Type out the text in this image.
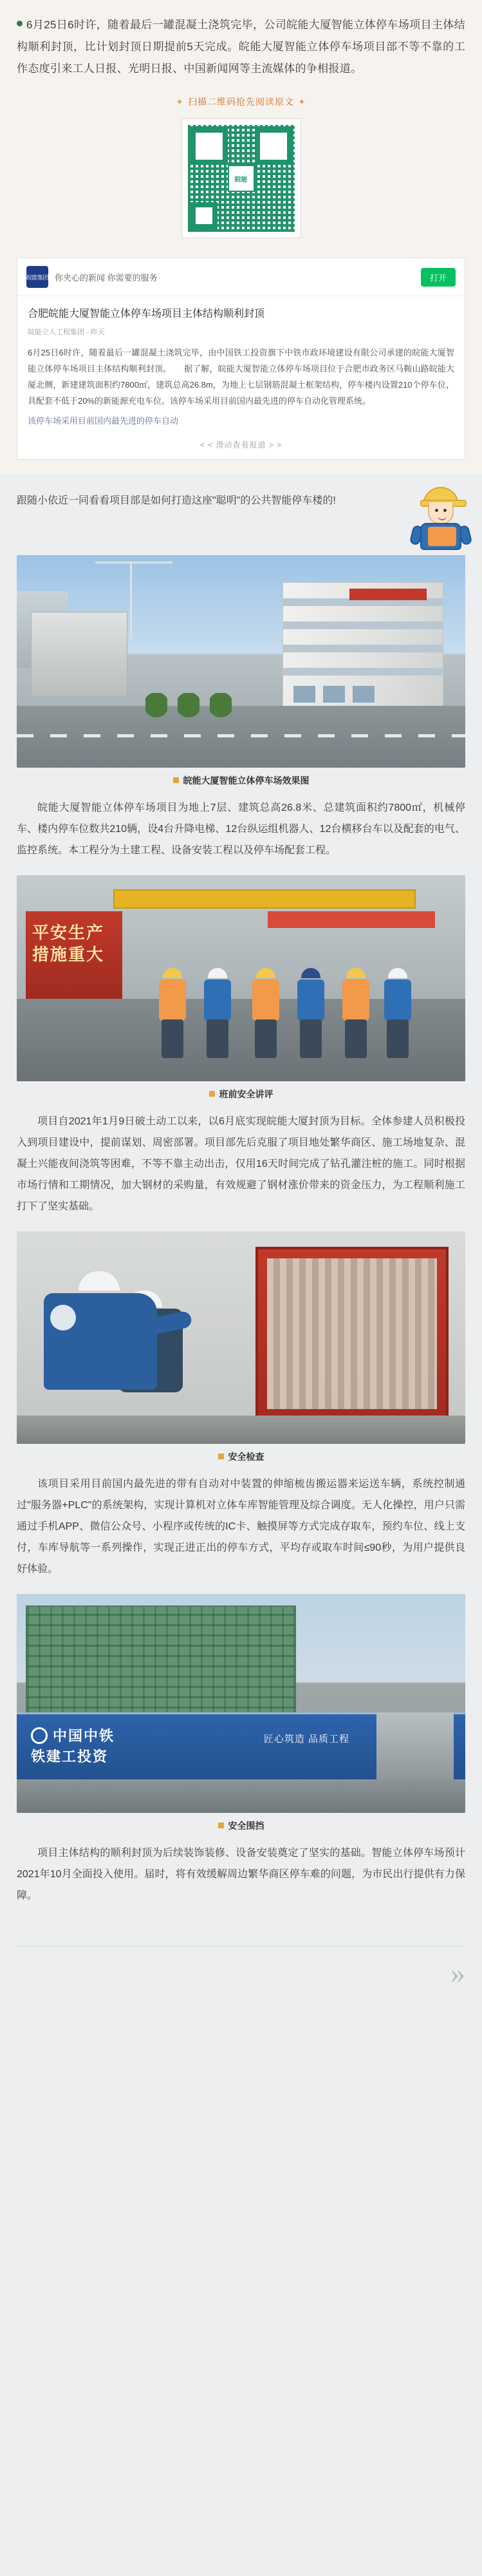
6月25日6时许，随着最后一罐混凝土浇筑完毕，公司皖能大厦智能立体停车场项目主体结构顺利封顶，比计划封顶日期提前5天完成。皖能大厦智能立体停车场项目部不等不靠的工作态度引来工人日报、光明日报、中国新闻网等主流媒体的争相报道。

✦ 扫描二维码抢先阅读原文 ✦
皖能
皖能集团 你夹心的新闻 你需要的服务	打开
合肥皖能大厦智能立体停车场项目主体结构顺利封顶
皖能立人工程集团 · 昨天

6月25日6时许，随着最后一罐混凝土浇筑完毕，由中国铁工投资旗下中铁市政环境建设有限公司承建的皖能大厦智能立体停车场项目主体结构顺利封顶。　　据了解，皖能大厦智能立体停车场项目位于合肥市政务区马鞍山路皖能大厦北侧，新建建筑面积约7800㎡，建筑总高26.8m，为地上七层钢筋混凝土框架结构，停车楼内设置210个停车位，具配套不低于20%的新能源充电车位。该停车场采用目前国内最先进的停车自动化管理系统。

该停车场采用目前国内最先进的停车自动

< < 滑动查看报道 > >

跟随小依近一同看看项目部是如何打造这座"聪明"的公共智能停车楼的!

皖能大厦智能立体停车场效果图

皖能大厦智能立体停车场项目为地上7层、建筑总高26.8米、总建筑面积约7800㎡，机械停车、楼内停车位数共210辆，设4台升降电梯、12台纵运组机器人、12台横移台车以及配套的电气、监控系统。本工程分为土建工程、设备安装工程以及停车场配套工程。

平安生产 措施重大
班前安全讲评

项目自2021年1月9日破土动工以来，以6月底实现皖能大厦封顶为目标。全体参建人员积极投入到项目建设中，提前谋划、周密部署。项目部先后克服了项目地处繁华商区、施工场地复杂、混凝土兴能夜间浇筑等困难，不等不靠主动出击，仅用16天时间完成了钻孔灌注桩的施工。同时根据市场行情和工期情况，加大钢材的采购量，有效规避了钢材涨价带来的资金压力，为工程顺利施工打下了坚实基础。

安全检查

该项目采用目前国内最先进的带有自动对中装置的伸缩梳齿搬运器来运送车辆，系统控制通过"服务器+PLC"的系统架构，实现计算机对立体车库智能管理及综合调度。无人化操控，用户只需通过手机APP、微信公众号、小程序或传统的IC卡、触摸屏等方式完成存取车，预约车位、线上支付，车库导航等一系列操作，实现正进正出的停车方式，平均存或取车时间≤90秒，为用户提供良好体验。

中国中铁 铁建工投资
匠心筑造 品质工程
安全围挡

项目主体结构的顺利封顶为后续装饰装修、设备安装奠定了坚实的基础。智能立体停车场预计2021年10月全面投入使用。届时，将有效缓解周边繁华商区停车难的问题，为市民出行提供有力保障。

»
